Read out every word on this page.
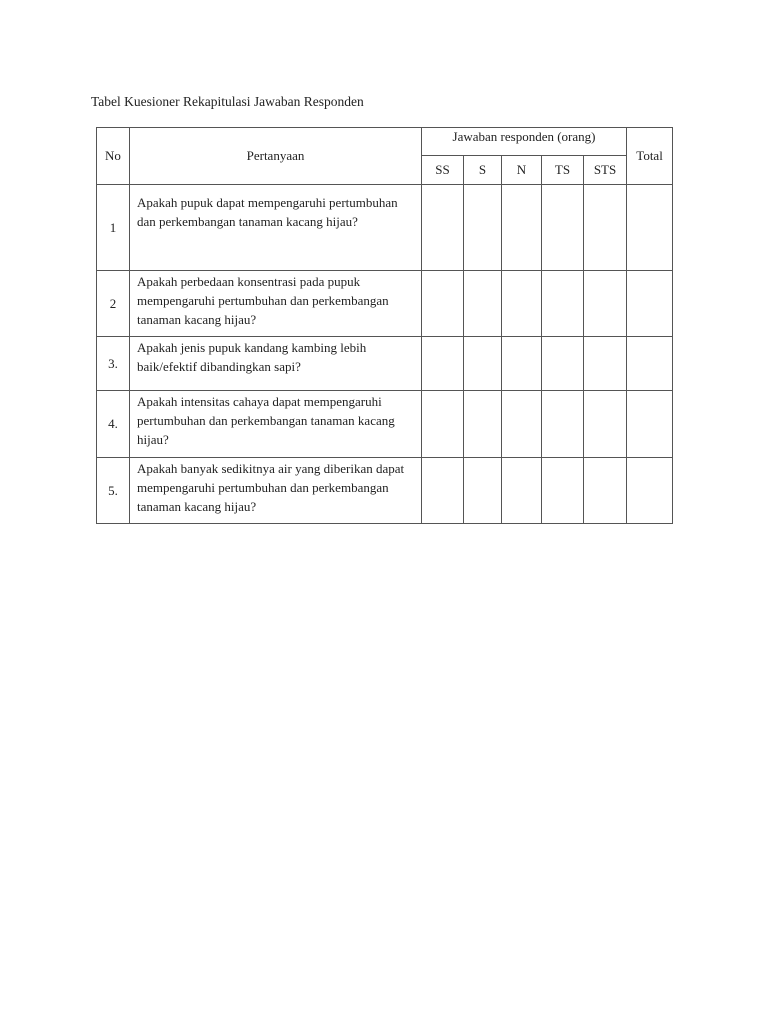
Tabel Kuesioner Rekapitulasi Jawaban Responden
No	Pertanyaan	Jawaban responden (orang)					Total
		SS	S	N	TS	STS	
1	Apakah pupuk dapat mempengaruhi pertumbuhan dan perkembangan tanaman kacang hijau?						
2	Apakah perbedaan konsentrasi pada pupuk mempengaruhi pertumbuhan dan perkembangan tanaman kacang hijau?						
3.	Apakah jenis pupuk kandang kambing lebih baik/efektif dibandingkan sapi?						
4.	Apakah intensitas cahaya dapat mempengaruhi pertumbuhan dan perkembangan tanaman kacang hijau?						
5.	Apakah banyak sedikitnya air yang diberikan dapat mempengaruhi pertumbuhan dan perkembangan tanaman kacang hijau?						
